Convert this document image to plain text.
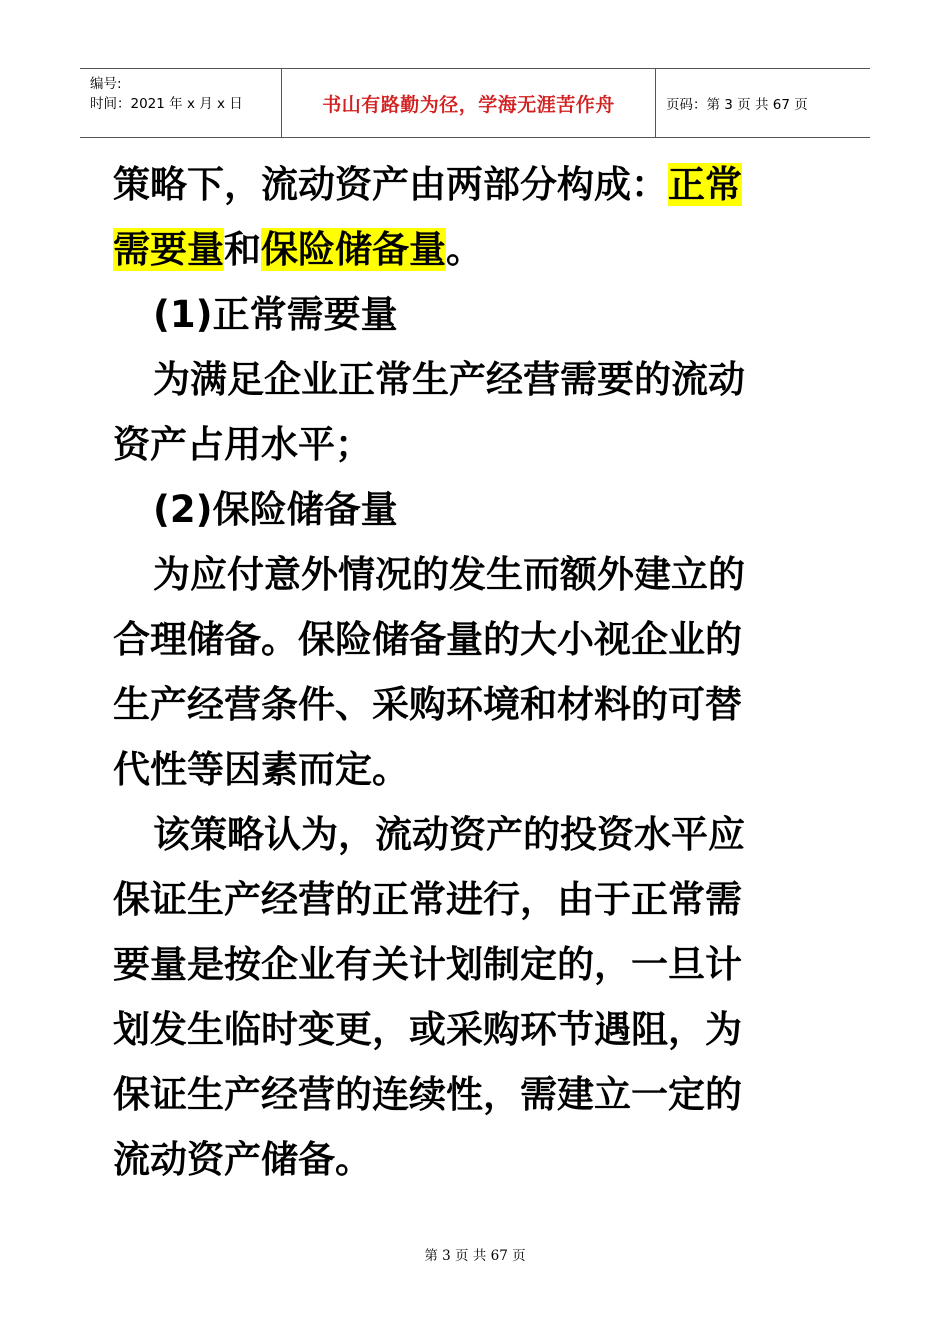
编号:
时间：2021 年 x 月 x 日	书山有路勤为径，学海无涯苦作舟	页码：第 3 页 共 67 页
策略下，流动资产由两部分构成：正常
需要量和保险储备量。
(1)正常需要量
为满足企业正常生产经营需要的流动
资产占用水平；
(2)保险储备量
为应付意外情况的发生而额外建立的
合理储备。保险储备量的大小视企业的
生产经营条件、采购环境和材料的可替
代性等因素而定。
该策略认为，流动资产的投资水平应
保证生产经营的正常进行，由于正常需
要量是按企业有关计划制定的，一旦计
划发生临时变更，或采购环节遇阻，为
保证生产经营的连续性，需建立一定的
流动资产储备。
第 3 页 共 67 页
